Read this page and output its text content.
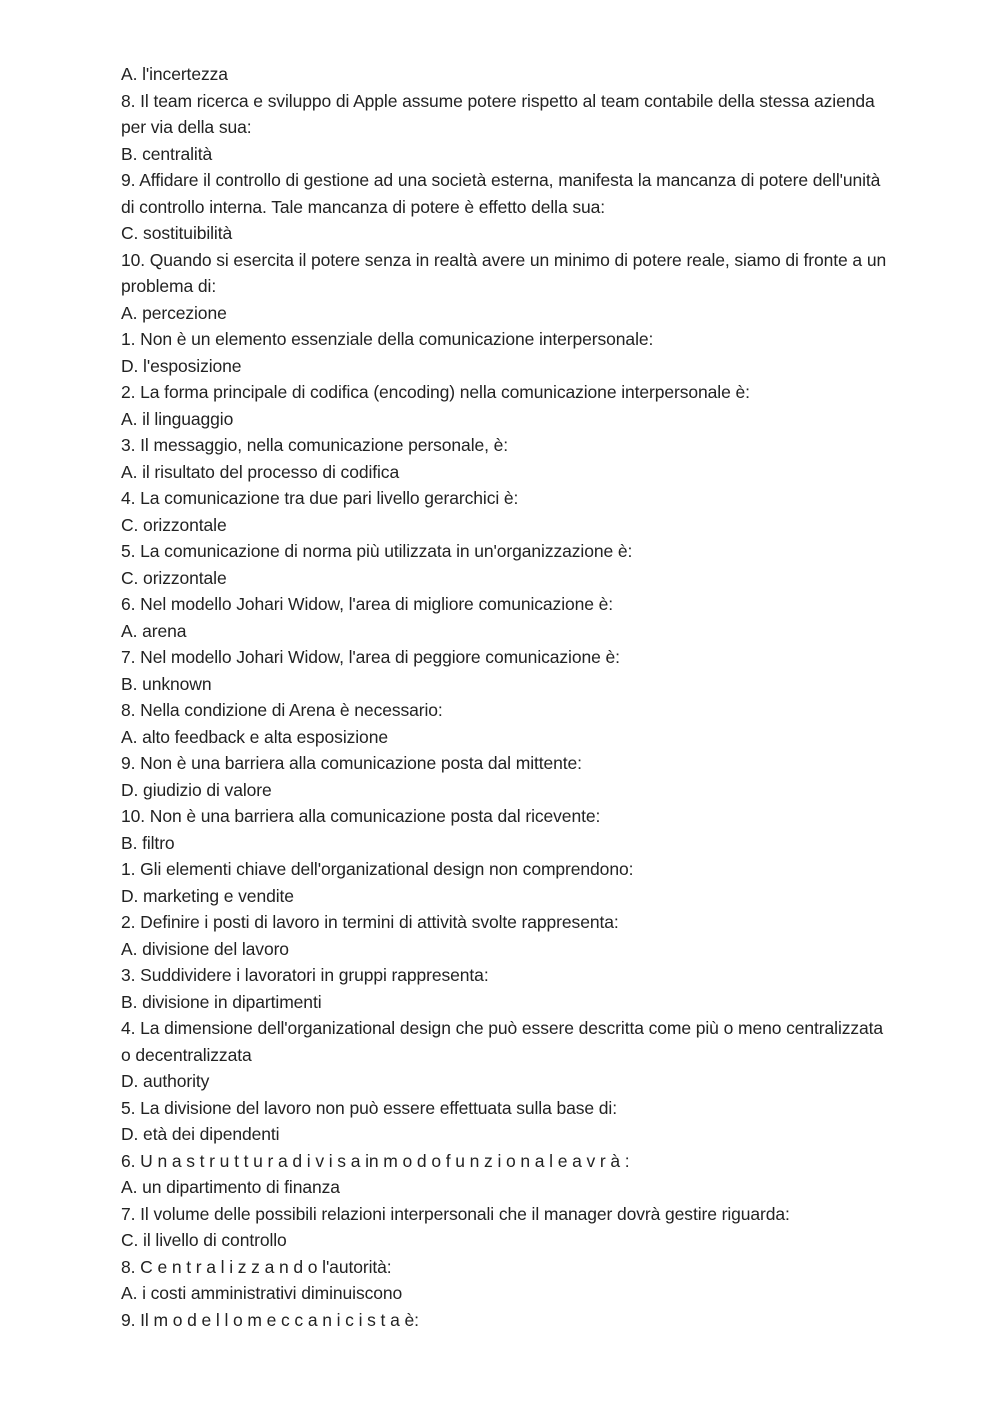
A. l'incertezza
8. Il team ricerca e sviluppo di Apple assume potere rispetto al team contabile della stessa azienda
per via della sua:
B. centralità
9. Affidare il controllo di gestione ad una società esterna, manifesta la mancanza di potere dell'unità
di controllo interna. Tale mancanza di potere è effetto della sua:
C. sostituibilità
10. Quando si esercita il potere senza in realtà avere un minimo di potere reale, siamo di fronte a un
problema di:
A. percezione
1. Non è un elemento essenziale della comunicazione interpersonale:
D. l'esposizione
2. La forma principale di codifica (encoding) nella comunicazione interpersonale è:
A. il linguaggio
3. Il messaggio, nella comunicazione personale, è:
A. il risultato del processo di codifica
4. La comunicazione tra due pari livello gerarchici è:
C. orizzontale
5. La comunicazione di norma più utilizzata in un'organizzazione è:
C. orizzontale
6. Nel modello Johari Widow, l'area di migliore comunicazione è:
A. arena
7. Nel modello Johari Widow, l'area di peggiore comunicazione è:
B. unknown
8. Nella condizione di Arena è necessario:
A. alto feedback e alta esposizione
9. Non è una barriera alla comunicazione posta dal mittente:
D. giudizio di valore
10. Non è una barriera alla comunicazione posta dal ricevente:
B. filtro
1. Gli elementi chiave dell'organizational design non comprendono:
D. marketing e vendite
2. Definire i posti di lavoro in termini di attività svolte rappresenta:
A. divisione del lavoro
3. Suddividere i lavoratori in gruppi rappresenta:
B. divisione in dipartimenti
4. La dimensione dell'organizational design che può essere descritta come più o meno centralizzata
o decentralizzata
D. authority
5. La divisione del lavoro non può essere effettuata sulla base di:
D. età dei dipendenti
6. U n a s t r u t t u r a d i v i s a in m o d o f u n z i o n a l e a v r à :
A. un dipartimento di finanza
7. Il volume delle possibili relazioni interpersonali che il manager dovrà gestire riguarda:
C. il livello di controllo
8. C e n t r a l i z z a n d o l'autorità:
A. i costi amministrativi diminuiscono
9. Il m o d e l l o m e c c a n i c i s t a è:
